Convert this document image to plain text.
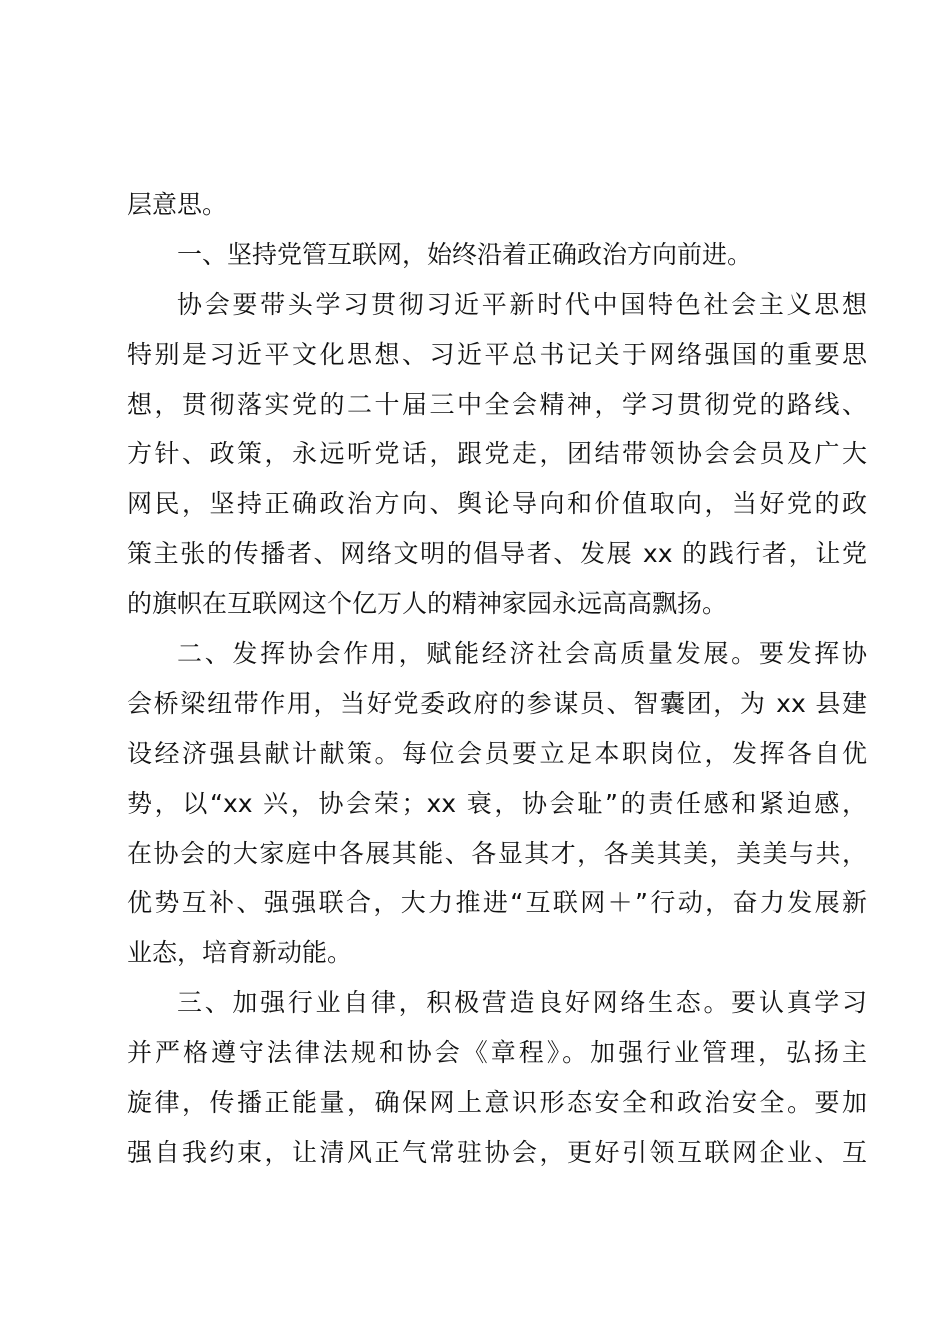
层意思。
一、坚持党管互联网，始终沿着正确政治方向前进。
协会要带头学习贯彻习近平新时代中国特色社会主义思想
特别是习近平文化思想、习近平总书记关于网络强国的重要思
想，贯彻落实党的二十届三中全会精神，学习贯彻党的路线、
方针、政策，永远听党话，跟党走，团结带领协会会员及广大
网民，坚持正确政治方向、舆论导向和价值取向，当好党的政
策主张的传播者、网络文明的倡导者、发展 xx 的践行者，让党
的旗帜在互联网这个亿万人的精神家园永远高高飘扬。
二、发挥协会作用，赋能经济社会高质量发展。要发挥协
会桥梁纽带作用，当好党委政府的参谋员、智囊团，为 xx 县建
设经济强县献计献策。每位会员要立足本职岗位，发挥各自优
势，以“xx 兴，协会荣；xx 衰，协会耻”的责任感和紧迫感，
在协会的大家庭中各展其能、各显其才，各美其美，美美与共，
优势互补、强强联合，大力推进“互联网＋”行动，奋力发展新
业态，培育新动能。
三、加强行业自律，积极营造良好网络生态。要认真学习
并严格遵守法律法规和协会《章程》。加强行业管理，弘扬主
旋律，传播正能量，确保网上意识形态安全和政治安全。要加
强自我约束，让清风正气常驻协会，更好引领互联网企业、互
